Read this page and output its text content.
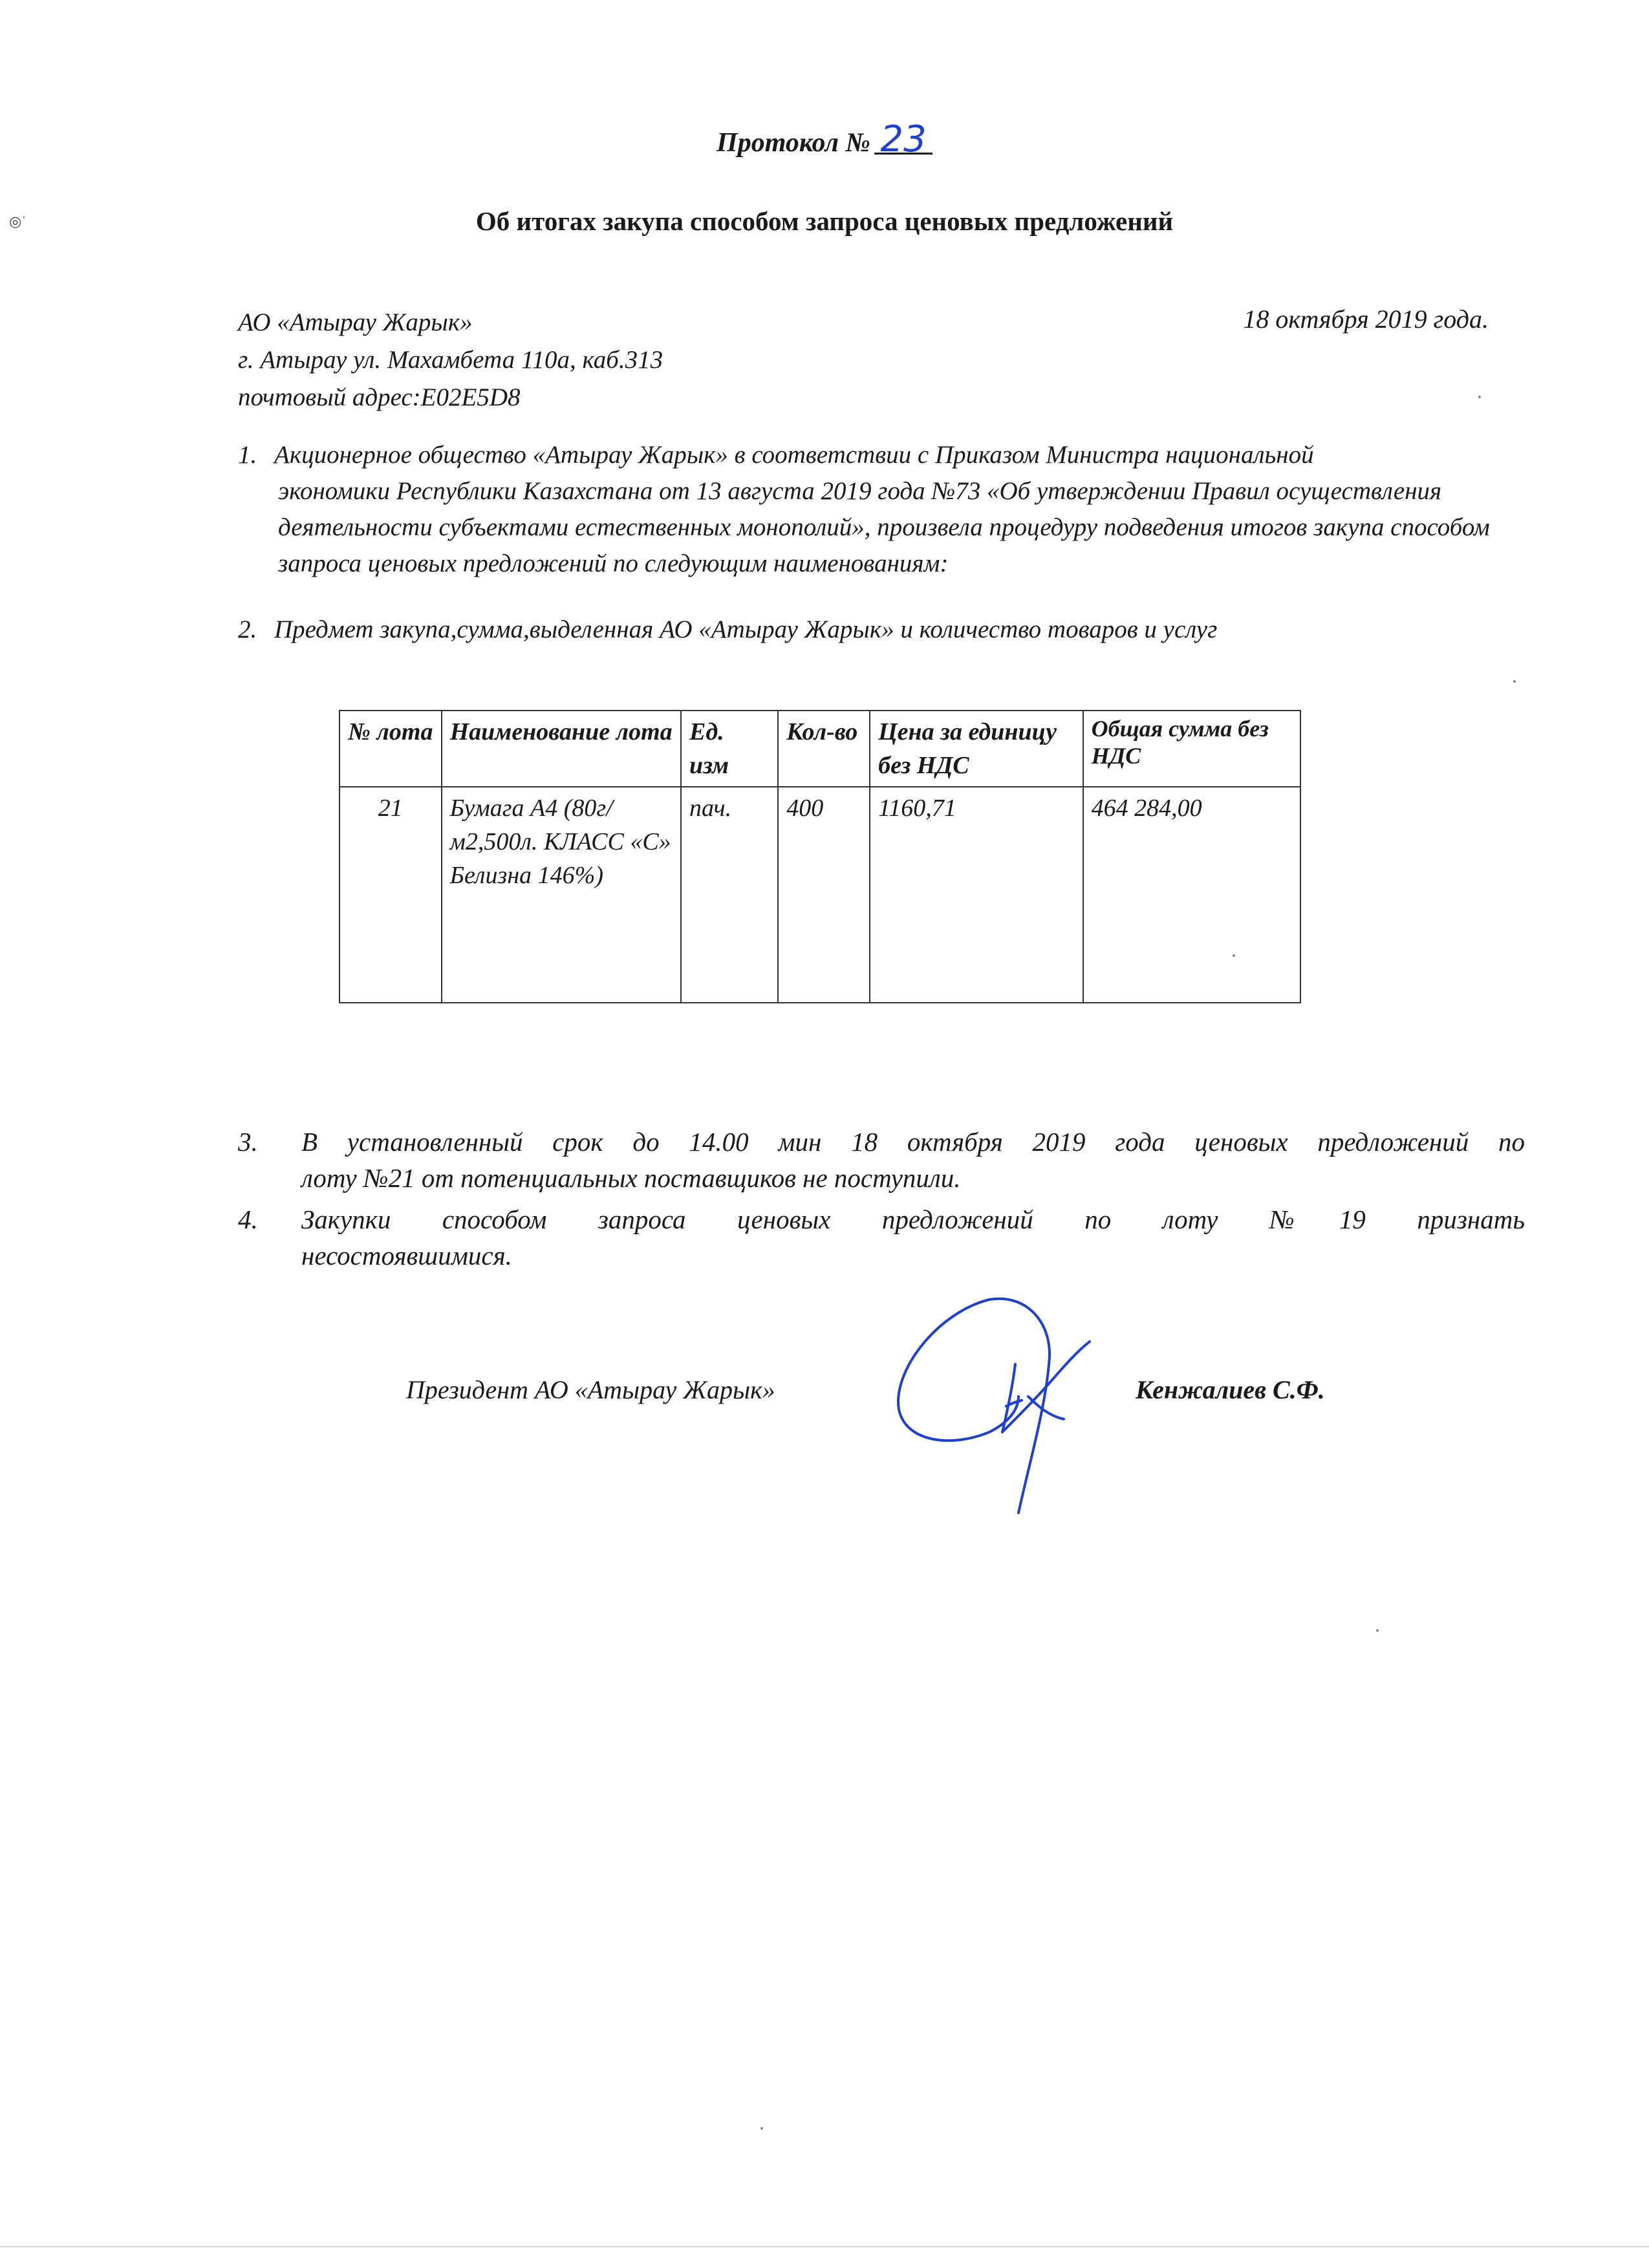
◎ˈ
Протокол № 23
Об итогах закупа способом запроса ценовых предложений
АО «Атырау Жарык»
г. Атырау ул. Махамбета 110а, каб.313
почтовый адрес:E02E5D8
18 октября 2019 года.
1. Акционерное общество «Атырау Жарык» в соответствии с Приказом Министра национальной
экономики Республики Казахстана от 13 августа 2019 года №73 «Об утверждении Правил осуществления деятельности субъектами естественных монополий», произвела процедуру подведения итогов закупа способом запроса ценовых предложений по следующим наименованиям:
2. Предмет закупа,сумма,выделенная АО «Атырау Жарык» и количество товаров и услуг
№ лота	Наименование лота	Ед. изм	Кол-во	Цена за единицу без НДС	Общая сумма без НДС
21	Бумага А4 (80г/м2,500л. КЛАСС «С» Белизна 146%)	пач.	400	1160,71	464 284,00
3. В установленный срок до 14.00 мин 18 октября 2019 года ценовых предложений по
лоту №21 от потенциальных поставщиков не поступили.
4. Закупки способом запроса ценовых предложений по лоту №19 признать
несостоявшимися.
Президент АО «Атырау Жарык»	Кенжалиев С.Ф.
